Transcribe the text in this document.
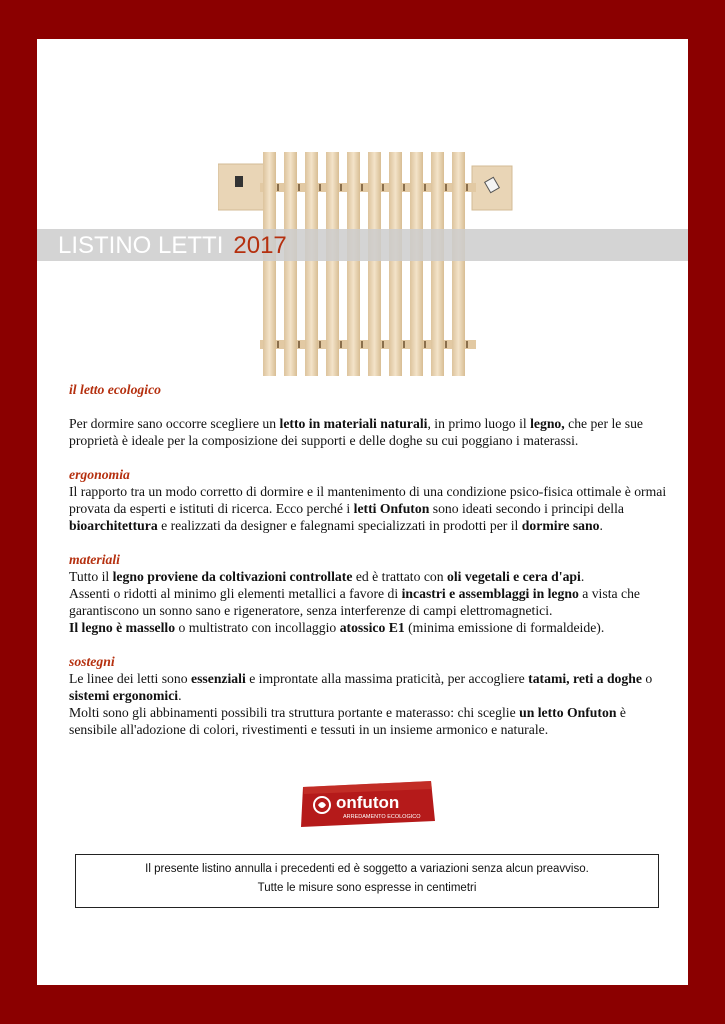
LISTINO LETTI 2017

il letto ecologico

Per dormire sano occorre scegliere un letto in materiali naturali, in primo luogo il legno, che per le sue proprietà è ideale per la composizione dei supporti e delle doghe su cui poggiano i materassi.

ergonomia

Il rapporto tra un modo corretto di dormire e il mantenimento di una condizione psico-fisica ottimale è ormai provata da esperti e istituti di ricerca. Ecco perché i letti Onfuton sono ideati secondo i principi della bioarchitettura e realizzati da designer e falegnami specializzati in prodotti per il dormire sano.

materiali

Tutto il legno proviene da coltivazioni controllate ed è trattato con oli vegetali e cera d'api.

Assenti o ridotti al minimo gli elementi metallici a favore di incastri e assemblaggi in legno a vista che garantiscono un sonno sano e rigeneratore, senza interferenze di campi elettromagnetici.

Il legno è massello o multistrato con incollaggio atossico E1 (minima emissione di formaldeide).

sostegni

Le linee dei letti sono essenziali e improntate alla massima praticità, per accogliere tatami, reti a doghe o sistemi ergonomici.

Molti sono gli abbinamenti possibili tra struttura portante e materasso: chi sceglie un letto Onfuton è sensibile all'adozione di colori, rivestimenti e tessuti in un insieme armonico e naturale.

onfuton
ARREDAMENTO ECOLOGICO
Il presente listino annulla i precedenti ed è soggetto a variazioni senza alcun preavviso.
Tutte le misure sono espresse in centimetri
